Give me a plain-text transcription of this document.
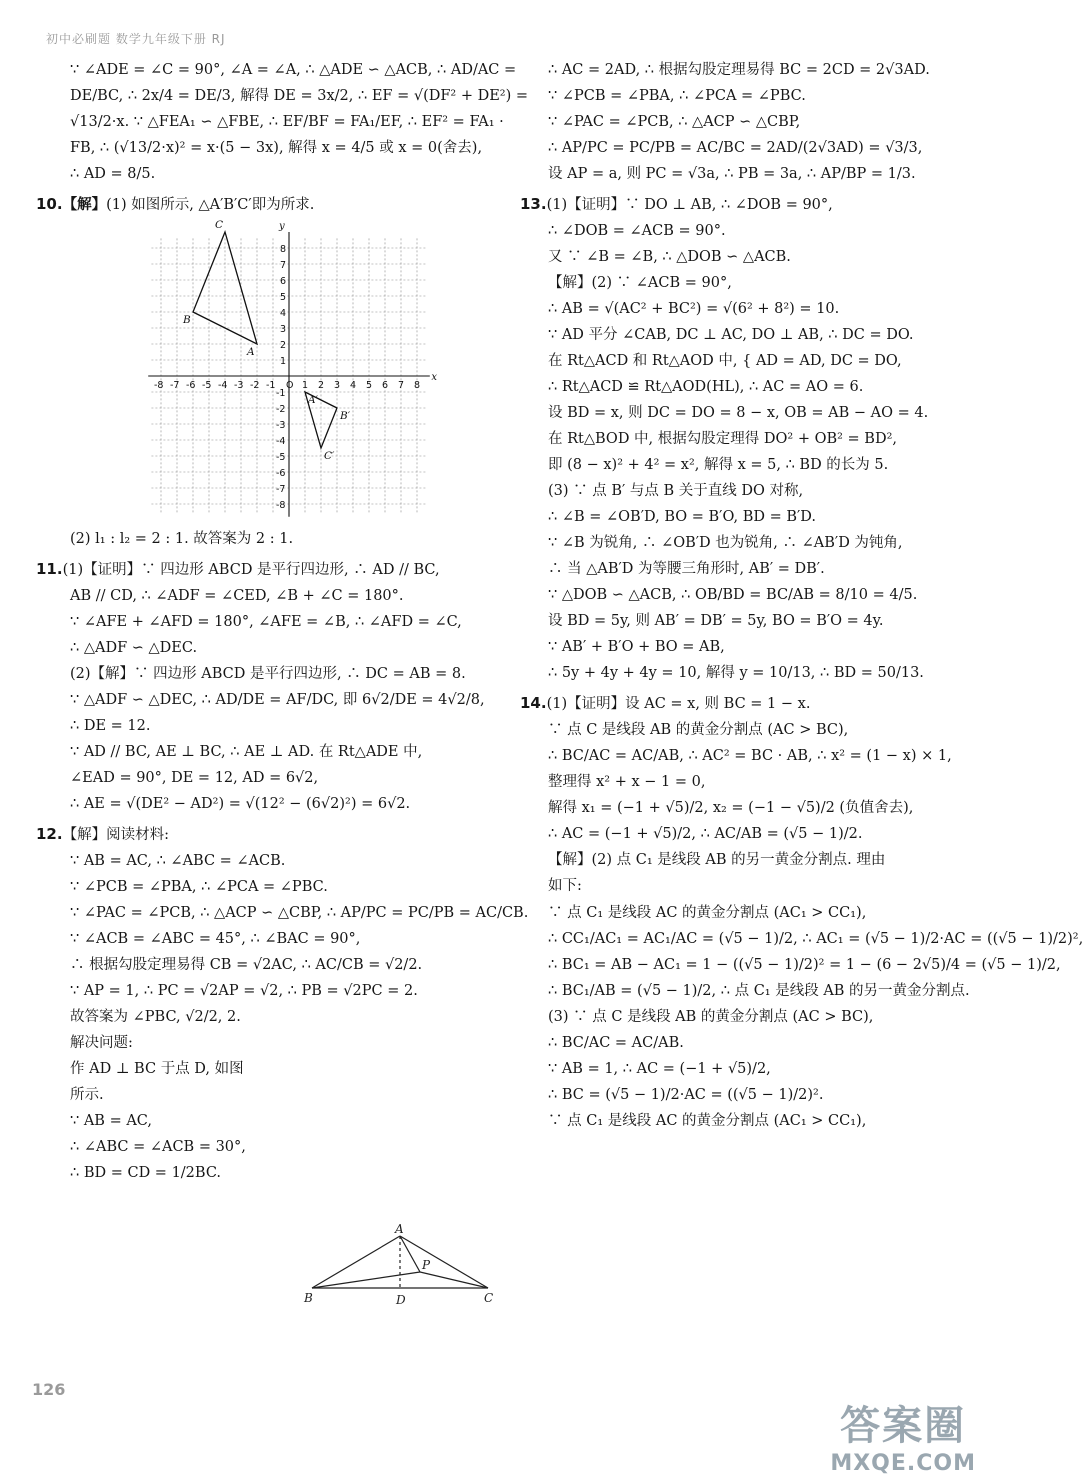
初中必刷题 数学九年级下册 RJ
∵ ∠ADE = ∠C = 90°, ∠A = ∠A, ∴ △ADE ∽ △ACB, ∴ AD/AC =
DE/BC, ∴ 2x/4 = DE/3, 解得 DE = 3x/2, ∴ EF = √(DF² + DE²) =
√13/2·x. ∵ △FEA₁ ∽ △FBE, ∴ EF/BF = FA₁/EF, ∴ EF² = FA₁ ·
FB, ∴ (√13/2·x)² = x·(5 − 3x), 解得 x = 4/5 或 x = 0(舍去),
∴ AD = 8/5.
10.【解】(1) 如图所示, △A′B′C′即为所求.
x
y
-8 -7 -6 -5 -4 -3 -2 -1 O 1 2 3 4 5 6 7 8
1
2
3
4
5
6
7
8
-1
-2
-3
-4
-5
-6
-7
-8
A
B
C
A′
B′
C′
(2) l₁ : l₂ = 2 : 1. 故答案为 2 : 1.
11.(1)【证明】∵ 四边形 ABCD 是平行四边形, ∴ AD // BC,
AB // CD, ∴ ∠ADF = ∠CED, ∠B + ∠C = 180°.
∵ ∠AFE + ∠AFD = 180°, ∠AFE = ∠B, ∴ ∠AFD = ∠C,
∴ △ADF ∽ △DEC.
(2)【解】∵ 四边形 ABCD 是平行四边形, ∴ DC = AB = 8.
∵ △ADF ∽ △DEC, ∴ AD/DE = AF/DC, 即 6√2/DE = 4√2/8,
∴ DE = 12.
∵ AD // BC, AE ⊥ BC, ∴ AE ⊥ AD. 在 Rt△ADE 中,
∠EAD = 90°, DE = 12, AD = 6√2,
∴ AE = √(DE² − AD²) = √(12² − (6√2)²) = 6√2.
12.【解】阅读材料:
∵ AB = AC, ∴ ∠ABC = ∠ACB.
∵ ∠PCB = ∠PBA, ∴ ∠PCA = ∠PBC.
∵ ∠PAC = ∠PCB, ∴ △ACP ∽ △CBP, ∴ AP/PC = PC/PB = AC/CB.
∵ ∠ACB = ∠ABC = 45°, ∴ ∠BAC = 90°,
∴ 根据勾股定理易得 CB = √2AC, ∴ AC/CB = √2/2.
∵ AP = 1, ∴ PC = √2AP = √2, ∴ PB = √2PC = 2.
故答案为 ∠PBC, √2/2, 2.
解决问题:
作 AD ⊥ BC 于点 D, 如图
所示.
∵ AB = AC,
∴ ∠ABC = ∠ACB = 30°,
∴ BD = CD = 1/2BC.
A
B	C
D
P
∴ AC = 2AD, ∴ 根据勾股定理易得 BC = 2CD = 2√3AD.
∵ ∠PCB = ∠PBA, ∴ ∠PCA = ∠PBC.
∵ ∠PAC = ∠PCB, ∴ △ACP ∽ △CBP,
∴ AP/PC = PC/PB = AC/BC = 2AD/(2√3AD) = √3/3,
设 AP = a, 则 PC = √3a, ∴ PB = 3a, ∴ AP/BP = 1/3.
13.(1)【证明】∵ DO ⊥ AB, ∴ ∠DOB = 90°,
∴ ∠DOB = ∠ACB = 90°.
又 ∵ ∠B = ∠B, ∴ △DOB ∽ △ACB.
【解】(2) ∵ ∠ACB = 90°,
∴ AB = √(AC² + BC²) = √(6² + 8²) = 10.
∵ AD 平分 ∠CAB, DC ⊥ AC, DO ⊥ AB, ∴ DC = DO.
在 Rt△ACD 和 Rt△AOD 中, { AD = AD, DC = DO,
∴ Rt△ACD ≌ Rt△AOD(HL), ∴ AC = AO = 6.
设 BD = x, 则 DC = DO = 8 − x, OB = AB − AO = 4.
在 Rt△BOD 中, 根据勾股定理得 DO² + OB² = BD²,
即 (8 − x)² + 4² = x², 解得 x = 5, ∴ BD 的长为 5.
(3) ∵ 点 B′ 与点 B 关于直线 DO 对称,
∴ ∠B = ∠OB′D, BO = B′O, BD = B′D.
∵ ∠B 为锐角, ∴ ∠OB′D 也为锐角, ∴ ∠AB′D 为钝角,
∴ 当 △AB′D 为等腰三角形时, AB′ = DB′.
∵ △DOB ∽ △ACB, ∴ OB/BD = BC/AB = 8/10 = 4/5.
设 BD = 5y, 则 AB′ = DB′ = 5y, BO = B′O = 4y.
∵ AB′ + B′O + BO = AB,
∴ 5y + 4y + 4y = 10, 解得 y = 10/13, ∴ BD = 50/13.
14.(1)【证明】设 AC = x, 则 BC = 1 − x.
∵ 点 C 是线段 AB 的黄金分割点 (AC > BC),
∴ BC/AC = AC/AB, ∴ AC² = BC · AB, ∴ x² = (1 − x) × 1,
整理得 x² + x − 1 = 0,
解得 x₁ = (−1 + √5)/2, x₂ = (−1 − √5)/2 (负值舍去),
∴ AC = (−1 + √5)/2, ∴ AC/AB = (√5 − 1)/2.
【解】(2) 点 C₁ 是线段 AB 的另一黄金分割点. 理由
如下:
∵ 点 C₁ 是线段 AC 的黄金分割点 (AC₁ > CC₁),
∴ CC₁/AC₁ = AC₁/AC = (√5 − 1)/2, ∴ AC₁ = (√5 − 1)/2·AC = ((√5 − 1)/2)²,
∴ BC₁ = AB − AC₁ = 1 − ((√5 − 1)/2)² = 1 − (6 − 2√5)/4 = (√5 − 1)/2,
∴ BC₁/AB = (√5 − 1)/2, ∴ 点 C₁ 是线段 AB 的另一黄金分割点.
(3) ∵ 点 C 是线段 AB 的黄金分割点 (AC > BC),
∴ BC/AC = AC/AB.
∵ AB = 1, ∴ AC = (−1 + √5)/2,
∴ BC = (√5 − 1)/2·AC = ((√5 − 1)/2)².
∵ 点 C₁ 是线段 AC 的黄金分割点 (AC₁ > CC₁),
126
答案圈
MXQE.COM
